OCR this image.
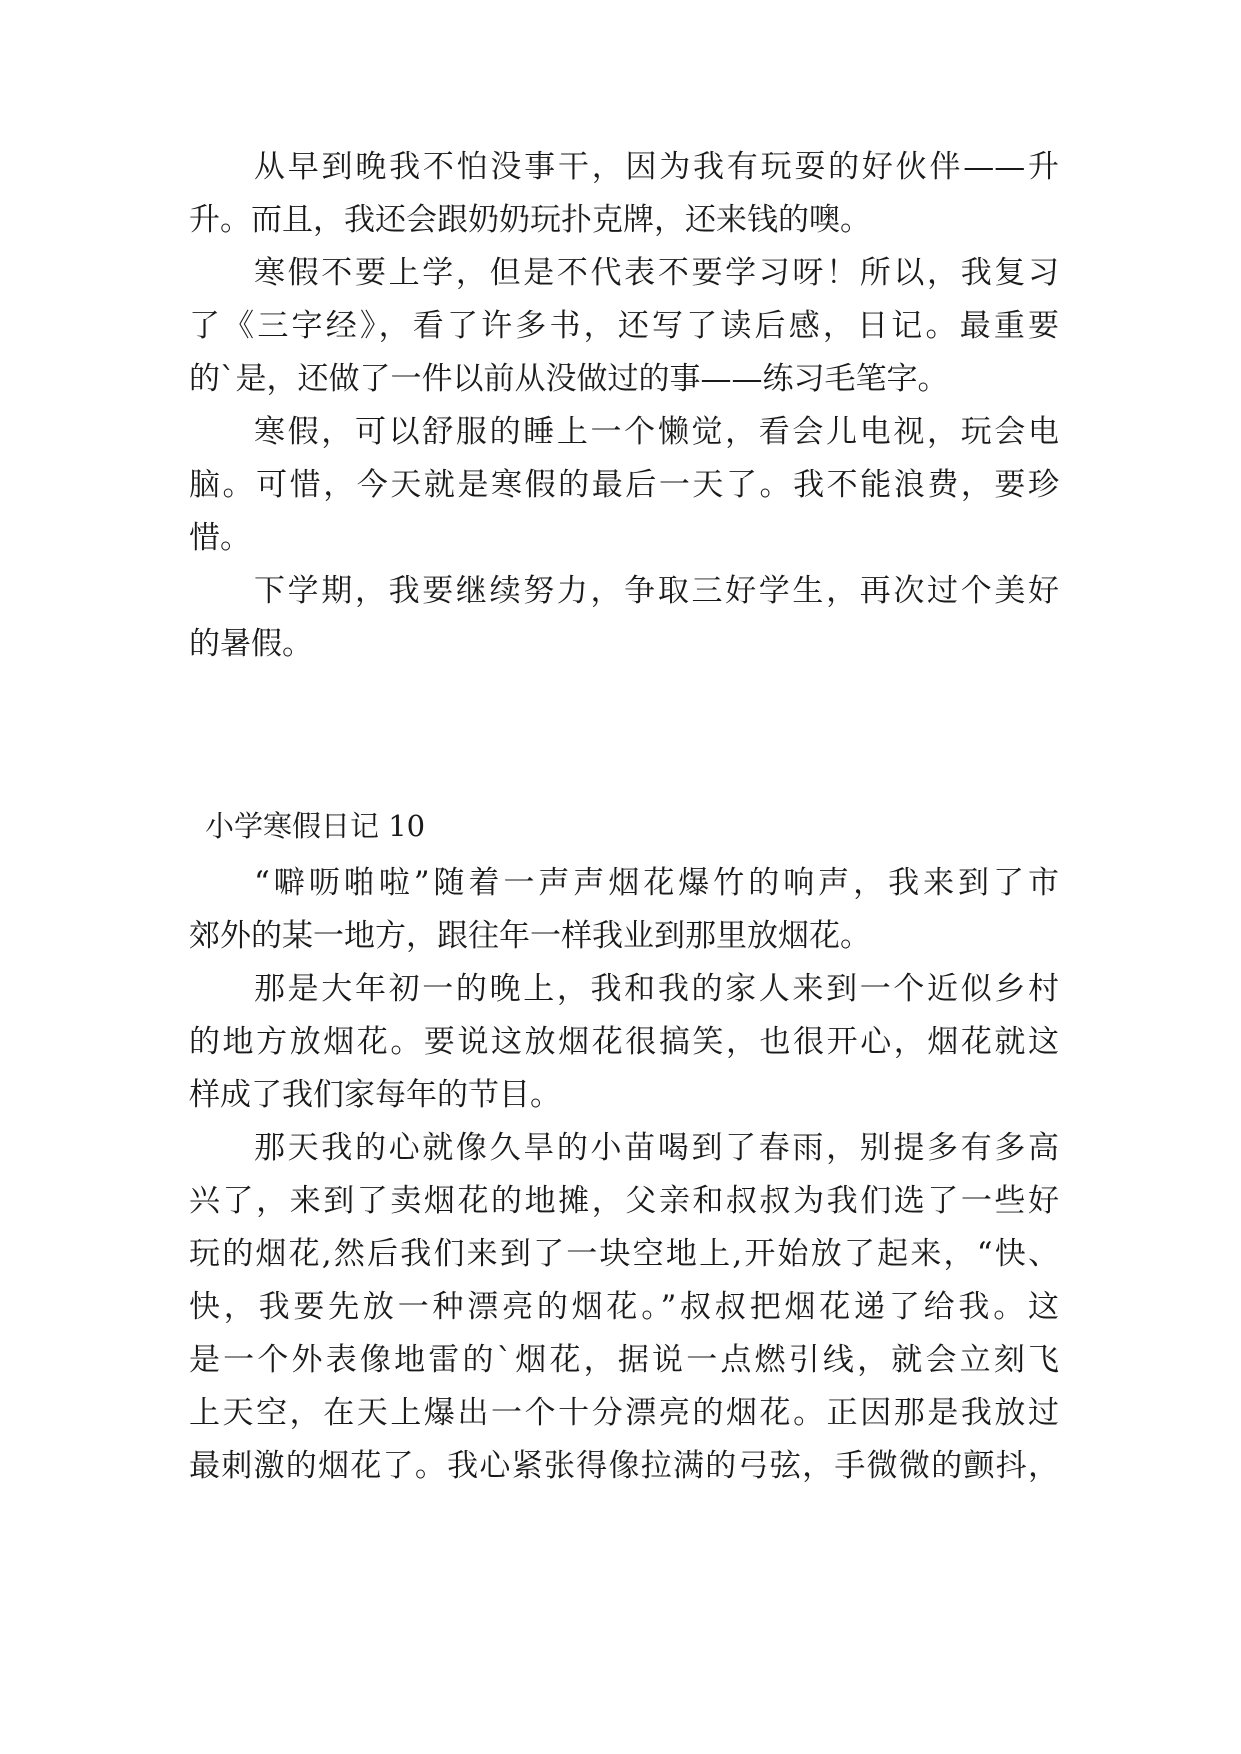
从早到晚我不怕没事干，因为我有玩耍的好伙伴——升
升。而且，我还会跟奶奶玩扑克牌，还来钱的噢。
寒假不要上学，但是不代表不要学习呀！所以，我复习
了《三字经》，看了许多书，还写了读后感，日记。最重要
的`是，还做了一件以前从没做过的事——练习毛笔字。
寒假，可以舒服的睡上一个懒觉，看会儿电视，玩会电
脑。可惜，今天就是寒假的最后一天了。我不能浪费，要珍
惜。
下学期，我要继续努力，争取三好学生，再次过个美好
的暑假。
小学寒假日记 10
“噼呖啪啦”随着一声声烟花爆竹的响声，我来到了市
郊外的某一地方，跟往年一样我业到那里放烟花。
那是大年初一的晚上，我和我的家人来到一个近似乡村
的地方放烟花。要说这放烟花很搞笑，也很开心，烟花就这
样成了我们家每年的节目。
那天我的心就像久旱的小苗喝到了春雨，别提多有多高
兴了，来到了卖烟花的地摊，父亲和叔叔为我们选了一些好
玩的烟花,然后我们来到了一块空地上,开始放了起来，“快、
快，我要先放一种漂亮的烟花。”叔叔把烟花递了给我。这
是一个外表像地雷的`烟花，据说一点燃引线，就会立刻飞
上天空，在天上爆出一个十分漂亮的烟花。正因那是我放过
最刺激的烟花了。我心紧张得像拉满的弓弦，手微微的颤抖，
